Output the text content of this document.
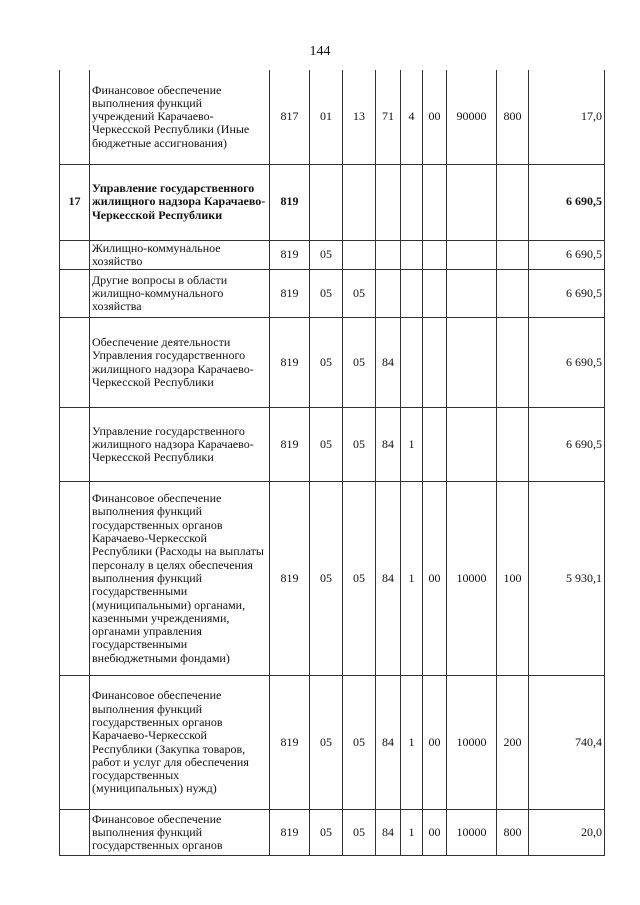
144
	Финансовое обеспечение выполнения функций учреждений Карачаево-Черкесской Республики (Иные бюджетные ассигнования)	817	01	13	71	4	00	90000	800	17,0
17	Управление государственного жилищного надзора Карачаево-Черкесской Республики	819								6 690,5
	Жилищно-коммунальное хозяйство	819	05							6 690,5
	Другие вопросы в области жилищно-коммунального хозяйства	819	05	05						6 690,5
	Обеспечение деятельности Управления государственного жилищного надзора Карачаево-Черкесской Республики	819	05	05	84					6 690,5
	Управление государственного жилищного надзора Карачаево-Черкесской Республики	819	05	05	84	1				6 690,5
	Финансовое обеспечение выполнения функций государственных органов Карачаево-Черкесской Республики (Расходы на выплаты персоналу в целях обеспечения выполнения функций государственными (муниципальными) органами, казенными учреждениями, органами управления государственными внебюджетными фондами)	819	05	05	84	1	00	10000	100	5 930,1
	Финансовое обеспечение выполнения функций государственных органов Карачаево-Черкесской Республики (Закупка товаров, работ и услуг для обеспечения государственных (муниципальных) нужд)	819	05	05	84	1	00	10000	200	740,4
	Финансовое обеспечение выполнения функций государственных органов	819	05	05	84	1	00	10000	800	20,0
